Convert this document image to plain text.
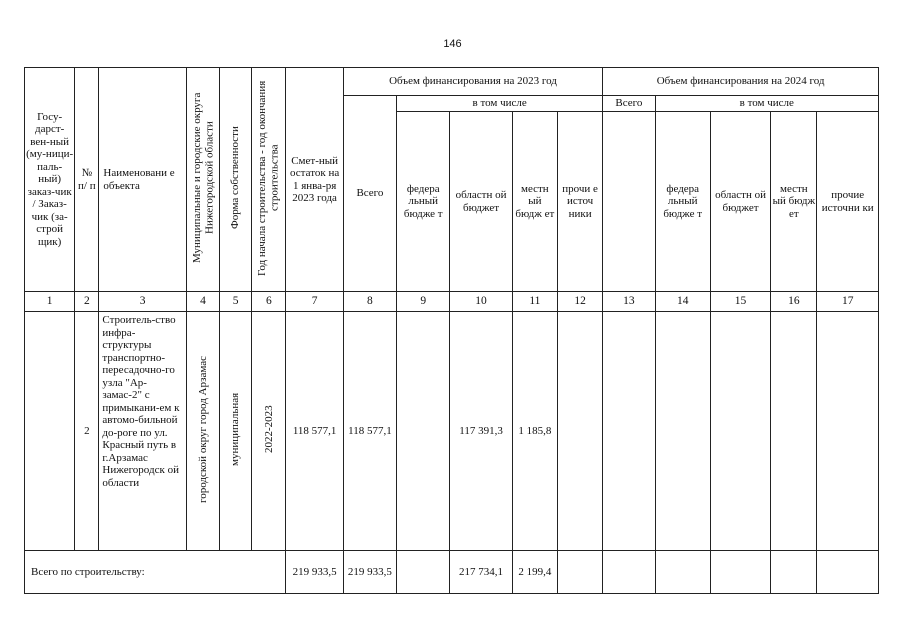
146
Госу-дарст-вен-ный (му-ници-паль-ный) заказ-чик / Заказ-чик (за-строй щик)	№ п/ п	Наименовани е объекта	Муниципальные и городские округа Нижегородской области	Форма собственности	Год начала строительства - год окончания строительства	Смет-ный остаток на 1 янва-ря 2023 года	Объем финансирования на 2023 год					Объем финансирования на 2024 год				
							Всего	в том числе				Всего	в том числе			
								федера льный бюдже т	областн ой бюджет	местн ый бюдж ет	прочи е источ ники		федера льный бюдже т	областн ой бюджет	местн ый бюдж ет	прочие источни ки
1	2	3	4	5	6	7	8	9	10	11	12	13	14	15	16	17
	2	Строитель-ство инфра-структуры транспортно-пересадочно-го узла "Ар-замас-2" с примыкани-ем к автомо-бильной до-роге по ул. Красный путь в г.Арзамас Нижегородск ой области	городской округ город Арзамас	муниципальная	2022-2023	118 577,1	118 577,1		117 391,3	1 185,8						
Всего по строительству:						219 933,5	219 933,5		217 734,1	2 199,4						
